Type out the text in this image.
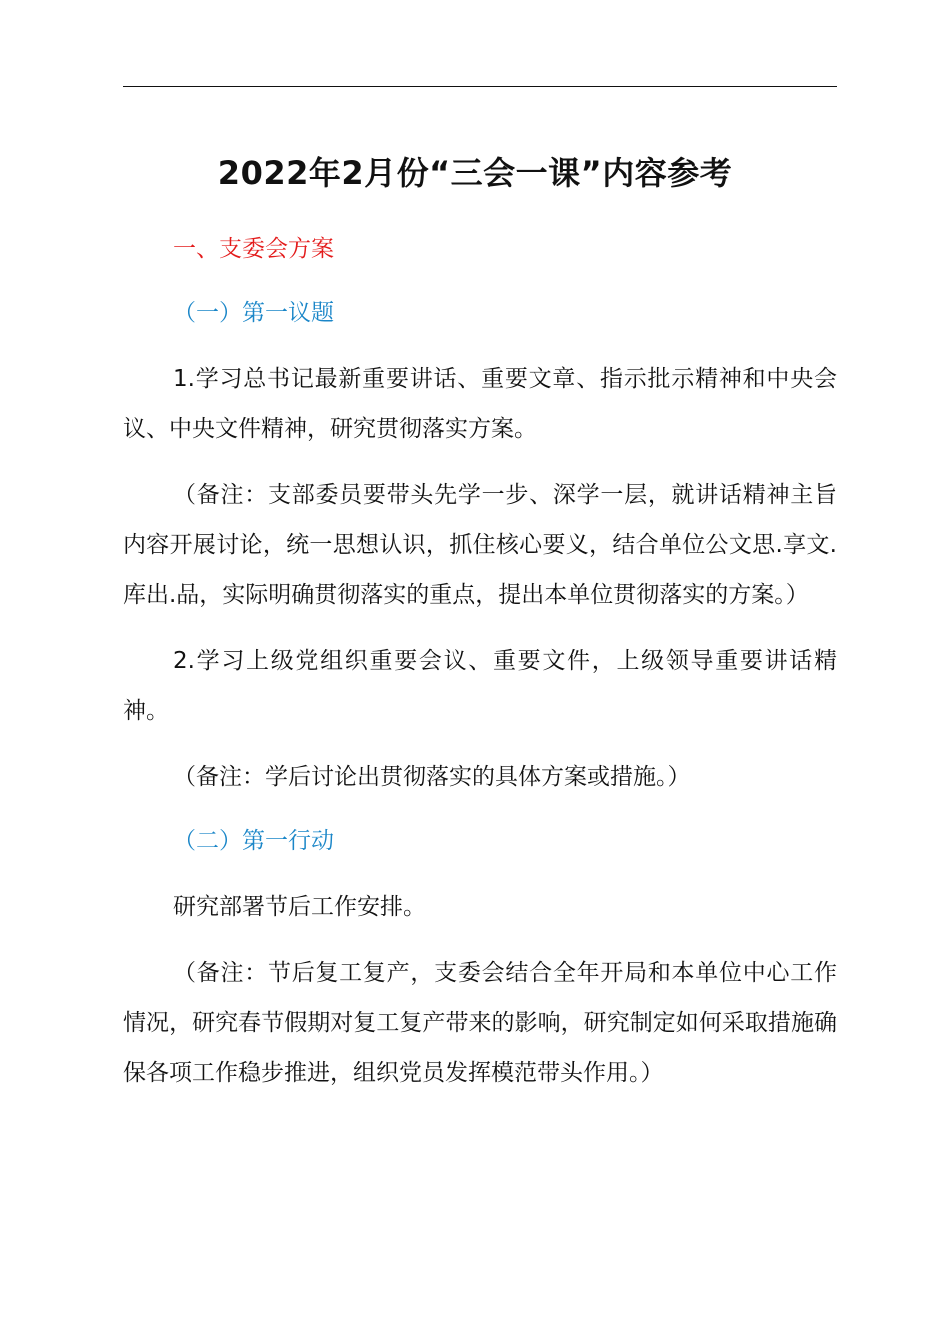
2022年2月份“三会一课”内容参考
一、支委会方案
（一）第一议题

1.学习总书记最新重要讲话、重要文章、指示批示精神和中央会议、中央文件精神，研究贯彻落实方案。

（备注：支部委员要带头先学一步、深学一层，就讲话精神主旨内容开展讨论，统一思想认识，抓住核心要义，结合单位公文思.享文.库出.品，实际明确贯彻落实的重点，提出本单位贯彻落实的方案。）

2.学习上级党组织重要会议、重要文件，上级领导重要讲话精神。

（备注：学后讨论出贯彻落实的具体方案或措施。）

（二）第一行动

研究部署节后工作安排。

（备注：节后复工复产，支委会结合全年开局和本单位中心工作情况，研究春节假期对复工复产带来的影响，研究制定如何采取措施确保各项工作稳步推进，组织党员发挥模范带头作用。）
